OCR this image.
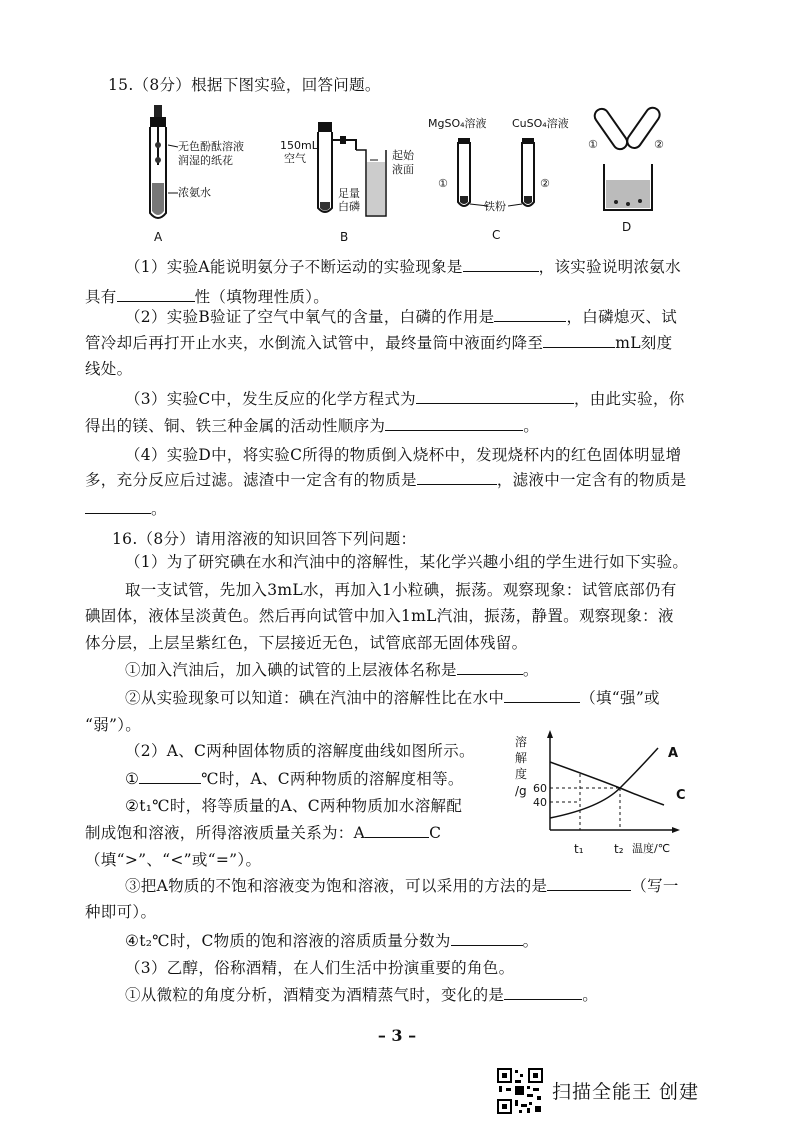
15.（8分）根据下图实验，回答问题。
无色酚酞溶液
润湿的纸花
浓氨水
A
150mL
空气	起始
液面
足量
白磷
B
MgSO₄溶液 CuSO₄溶液
①	②
铁粉
C
①	②
D
（1）实验A能说明氨分子不断运动的实验现象是	，该实验说明浓氨水
具有	性（填物理性质）。
（2）实验B验证了空气中氧气的含量，白磷的作用是	，白磷熄灭、试
管冷却后再打开止水夹，水倒流入试管中，最终量筒中液面约降至	mL刻度
线处。
（3）实验C中，发生反应的化学方程式为	，由此实验，你
得出的镁、铜、铁三种金属的活动性顺序为	。
（4）实验D中，将实验C所得的物质倒入烧杯中，发现烧杯内的红色固体明显增
多，充分反应后过滤。滤渣中一定含有的物质是	，滤液中一定含有的物质是
。
16.（8分）请用溶液的知识回答下列问题：
（1）为了研究碘在水和汽油中的溶解性，某化学兴趣小组的学生进行如下实验。
取一支试管，先加入3mL水，再加入1小粒碘，振荡。观察现象：试管底部仍有
碘固体，液体呈淡黄色。然后再向试管中加入1mL汽油，振荡，静置。观察现象：液
体分层，上层呈紫红色，下层接近无色，试管底部无固体残留。
①加入汽油后，加入碘的试管的上层液体名称是	。
②从实验现象可以知道：碘在汽油中的溶解性比在水中	（填“强”或
“弱”）。
（2）A、C两种固体物质的溶解度曲线如图所示。
①	℃时，A、C两种物质的溶解度相等。
②t₁℃时，将等质量的A、C两种物质加水溶解配
制成饱和溶液，所得溶液质量关系为：A	C
（填“>”、“<”或“=”）。
溶
解
度
/g 60
40
t₁	t₂ 温度/℃
A
C
③把A物质的不饱和溶液变为饱和溶液，可以采用的方法的是	（写一
种即可）。
④t₂℃时，C物质的饱和溶液的溶质质量分数为	。
（3）乙醇，俗称酒精，在人们生活中扮演重要的角色。
①从微粒的角度分析，酒精变为酒精蒸气时，变化的是	。
– 3 –
扫描全能王 创建
